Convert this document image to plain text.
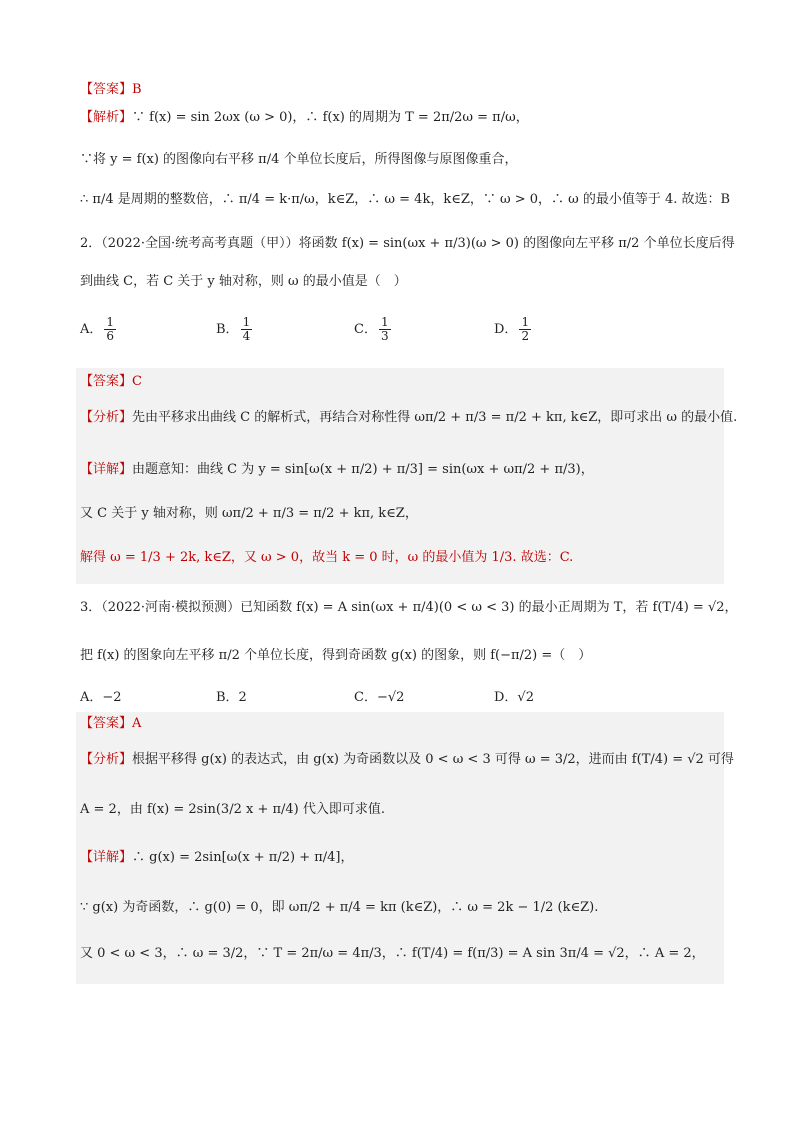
【答案】B
【解析】∵ f(x) = sin 2ωx (ω > 0)，∴ f(x) 的周期为 T = 2π/2ω = π/ω，
∵将 y = f(x) 的图像向右平移 π/4 个单位长度后，所得图像与原图像重合，
∴ π/4 是周期的整数倍，∴ π/4 = k·π/ω，k∈Z，∴ ω = 4k，k∈Z，∵ ω > 0，∴ ω 的最小值等于 4. 故选：B
2．（2022·全国·统考高考真题（甲））将函数 f(x) = sin(ωx + π/3)(ω > 0) 的图像向左平移 π/2 个单位长度后得
到曲线 C，若 C 关于 y 轴对称，则 ω 的最小值是（　）
A． $\frac{1}{6}$	B． $\frac{1}{4}$	C． $\frac{1}{3}$	D． $\frac{1}{2}$
【答案】C
【分析】先由平移求出曲线 C 的解析式，再结合对称性得 ωπ/2 + π/3 = π/2 + kπ, k∈Z，即可求出 ω 的最小值.
【详解】由题意知：曲线 C 为 y = sin[ω(x + π/2) + π/3] = sin(ωx + ωπ/2 + π/3)，
又 C 关于 y 轴对称，则 ωπ/2 + π/3 = π/2 + kπ, k∈Z，
解得 ω = 1/3 + 2k, k∈Z，又 ω > 0，故当 k = 0 时，ω 的最小值为 1/3. 故选：C.
3．（2022·河南·模拟预测）已知函数 f(x) = A sin(ωx + π/4)(0 < ω < 3) 的最小正周期为 T，若 f(T/4) = √2，
把 f(x) 的图象向左平移 π/2 个单位长度，得到奇函数 g(x) 的图象，则 f(−π/2) =（　）
A．−2	B．2	C．−√2	D．√2
【答案】A
【分析】根据平移得 g(x) 的表达式，由 g(x) 为奇函数以及 0 < ω < 3 可得 ω = 3/2，进而由 f(T/4) = √2 可得
A = 2，由 f(x) = 2sin(3/2 x + π/4) 代入即可求值.
【详解】∴ g(x) = 2sin[ω(x + π/2) + π/4]，
∵ g(x) 为奇函数，∴ g(0) = 0，即 ωπ/2 + π/4 = kπ (k∈Z)，∴ ω = 2k − 1/2 (k∈Z).
又 0 < ω < 3，∴ ω = 3/2，∵ T = 2π/ω = 4π/3，∴ f(T/4) = f(π/3) = A sin 3π/4 = √2，∴ A = 2，
